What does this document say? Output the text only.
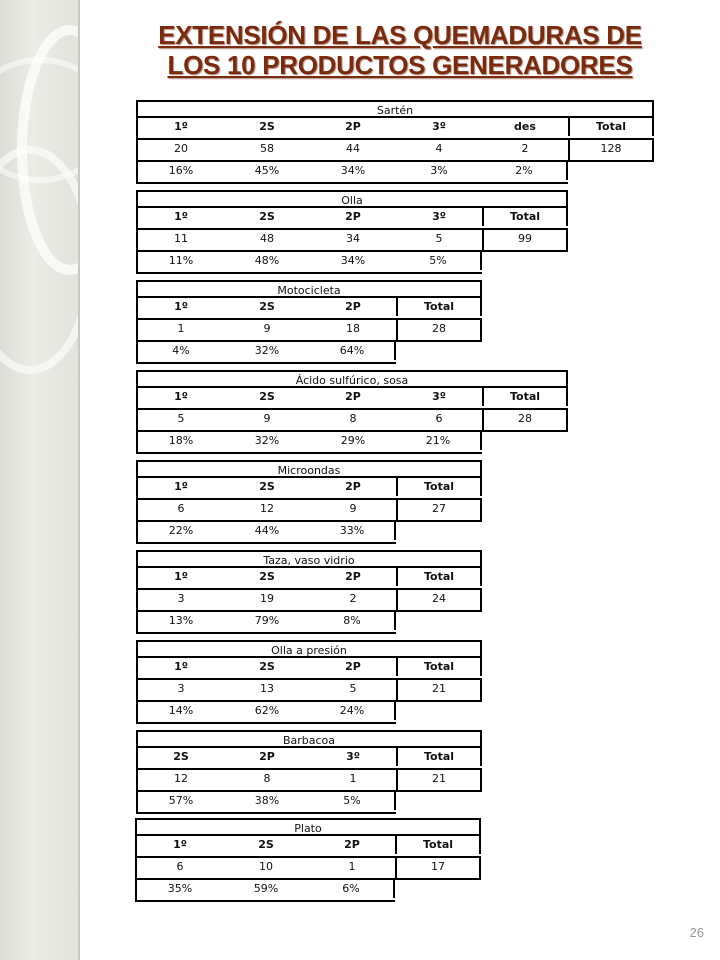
EXTENSIÓN DE LAS QUEMADURAS DE
LOS 10 PRODUCTOS GENERADORES
Sartén
1º	2S	2P	3º	des	Total
20	58	44	4	2	128
16%	45%	34%	3%	2%
Olla
1º	2S	2P	3º	Total
11	48	34	5	99
11%	48%	34%	5%
Motocicleta
1º	2S	2P	Total
1	9	18	28
4%	32%	64%
Ácido sulfúrico, sosa
1º	2S	2P	3º	Total
5	9	8	6	28
18%	32%	29%	21%
Microondas
1º	2S	2P	Total
6	12	9	27
22%	44%	33%
Taza, vaso vidrio
1º	2S	2P	Total
3	19	2	24
13%	79%	8%
Olla a presión
1º	2S	2P	Total
3	13	5	21
14%	62%	24%
Barbacoa
2S	2P	3º	Total
12	8	1	21
57%	38%	5%
Plato
1º	2S	2P	Total
6	10	1	17
35%	59%	6%
26
